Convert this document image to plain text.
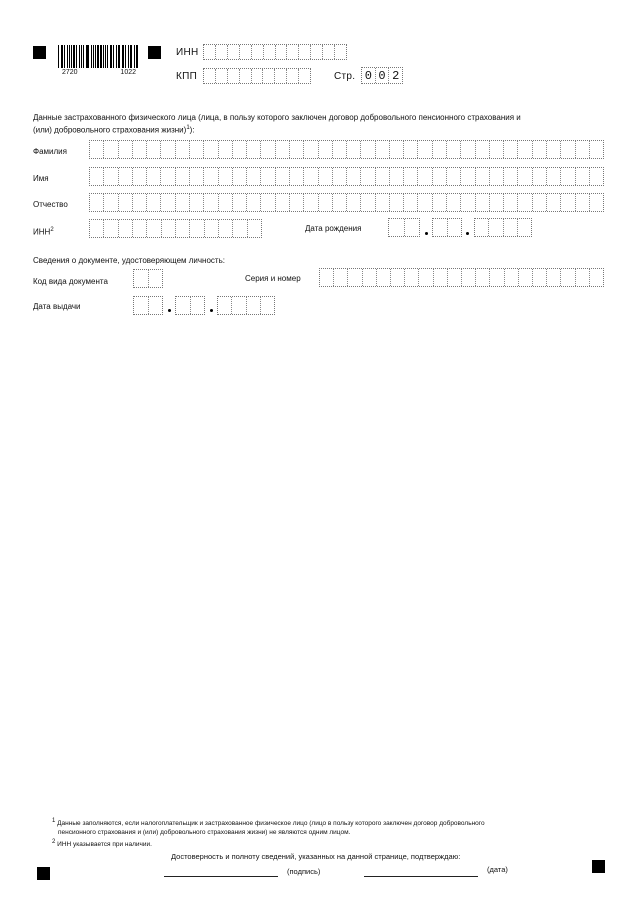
2720	1022
ИНН
КПП	Стр. 0 0 2
Данные застрахованного физического лица (лица, в пользу которого заключен договор добровольного пенсионного страхования и
(или) добровольного страхования жизни)$^1$):
Фамилия
Имя
Отчество
ИНН$^2$	Дата рождения
Сведения о документе, удостоверяющем личность:
Код вида документа	Серия и номер
Дата выдачи
1 Данные заполняются, если налогоплательщик и застрахованное физическое лицо (лицо в пользу которого заключен договор добровольного
пенсионного страхования и (или) добровольного страхования жизни) не являются одним лицом.
2 ИНН указывается при наличии.
Достоверность и полноту сведений, указанных на данной странице, подтверждаю:
(подпись)	(дата)
